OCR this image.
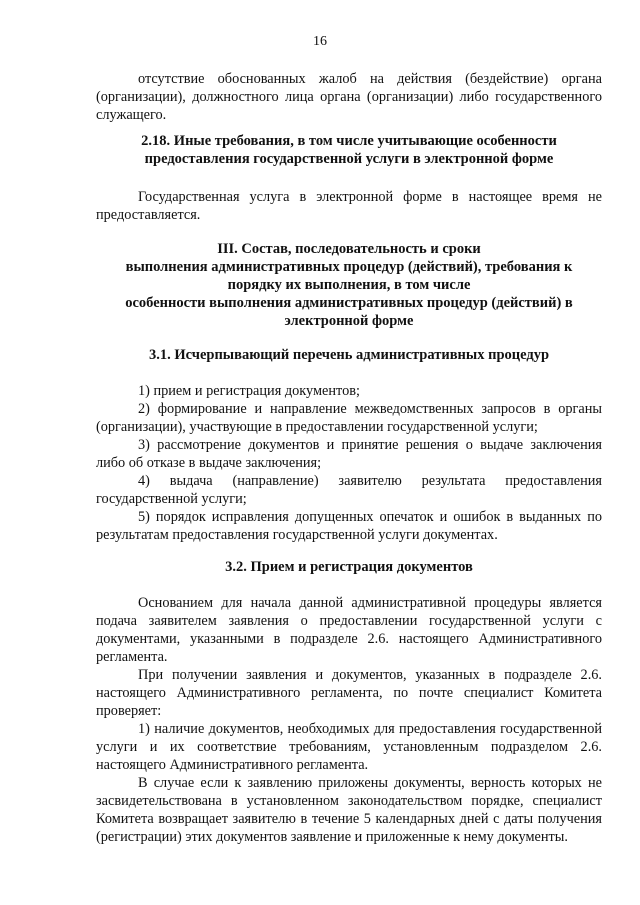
16
отсутствие обоснованных жалоб на действия (бездействие) органа (организации), должностного лица органа (организации) либо государственного служащего.
2.18. Иные требования, в том числе учитывающие особенности
предоставления государственной услуги в электронной форме
Государственная услуга в электронной форме в настоящее время не предоставляется.
III. Состав, последовательность и сроки
выполнения административных процедур (действий), требования к
порядку их выполнения, в том числе
особенности выполнения административных процедур (действий) в
электронной форме
3.1. Исчерпывающий перечень административных процедур
1) прием и регистрация документов;
2) формирование и направление межведомственных запросов в органы (организации), участвующие в предоставлении государственной услуги;
3) рассмотрение документов и принятие решения о выдаче заключения либо об отказе в выдаче заключения;
4) выдача (направление) заявителю результата предоставления государственной услуги;
5) порядок исправления допущенных опечаток и ошибок в выданных по результатам предоставления государственной услуги документах.
3.2. Прием и регистрация документов
Основанием для начала данной административной процедуры является подача заявителем заявления о предоставлении государственной услуги с документами, указанными в подразделе 2.6. настоящего Административного регламента.
При получении заявления и документов, указанных в подразделе 2.6. настоящего Административного регламента, по почте специалист Комитета проверяет:
1) наличие документов, необходимых для предоставления государственной услуги и их соответствие требованиям, установленным подразделом 2.6. настоящего Административного регламента.
В случае если к заявлению приложены документы, верность которых не засвидетельствована в установленном законодательством порядке, специалист Комитета возвращает заявителю в течение 5 календарных дней с даты получения (регистрации) этих документов заявление и приложенные к нему документы.
